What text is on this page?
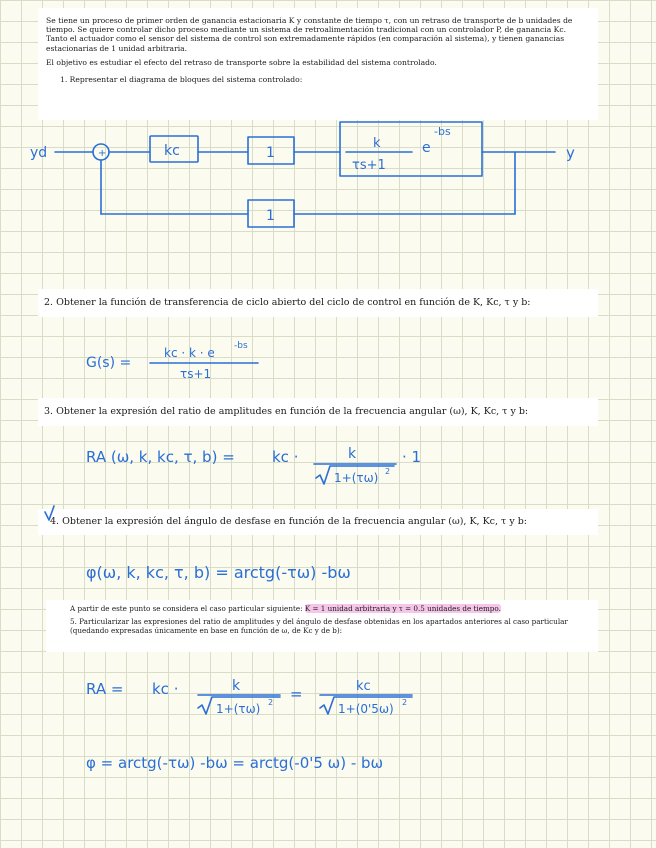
Se tiene un proceso de primer orden de ganancia estacionaria K y constante de tiempo τ, con un retraso de transporte de b unidades de tiempo. Se quiere controlar dicho proceso mediante un sistema de retroalimentación tradicional con un controlador P, de ganancia Kc. Tanto el actuador como el sensor del sistema de control son extremadamente rápidos (en comparación al sistema), y tienen ganancias estacionarias de 1 unidad arbitraria.

El objetivo es estudiar el efecto del retraso de transporte sobre la estabilidad del sistema controlado.

1. Representar el diagrama de bloques del sistema controlado:

2. Obtener la función de transferencia de ciclo abierto del ciclo de control en función de K, Kc, τ y b:
3. Obtener la expresión del ratio de amplitudes en función de la frecuencia angular (ω), K, Kc, τ y b:
4. Obtener la expresión del ángulo de desfase en función de la frecuencia angular (ω), K, Kc, τ y b:

A partir de este punto se considera el caso particular siguiente: K = 1 unidad arbitraria y τ = 0.5 unidades de tiempo.

5. Particularizar las expresiones del ratio de amplitudes y del ángulo de desfase obtenidas en los apartados anteriores al caso particular (quedando expresadas únicamente en base en función de ω, de Kc y de b):

yd	+	kc	1
k
τs+1
e
-bs
y
1
G(s) =
kc · k · e -bs
τs+1
RA (ω, k, kc, τ, b) = kc ·	k
1+(τω) 2
· 1
φ(ω, k, kc, τ, b) = arctg(-τω) -bω
RA = kc ·	k
1+(τω) 2 =	kc
1+(0'5ω) 2
φ = arctg(-τω) -bω = arctg(-0'5 ω) - bω
